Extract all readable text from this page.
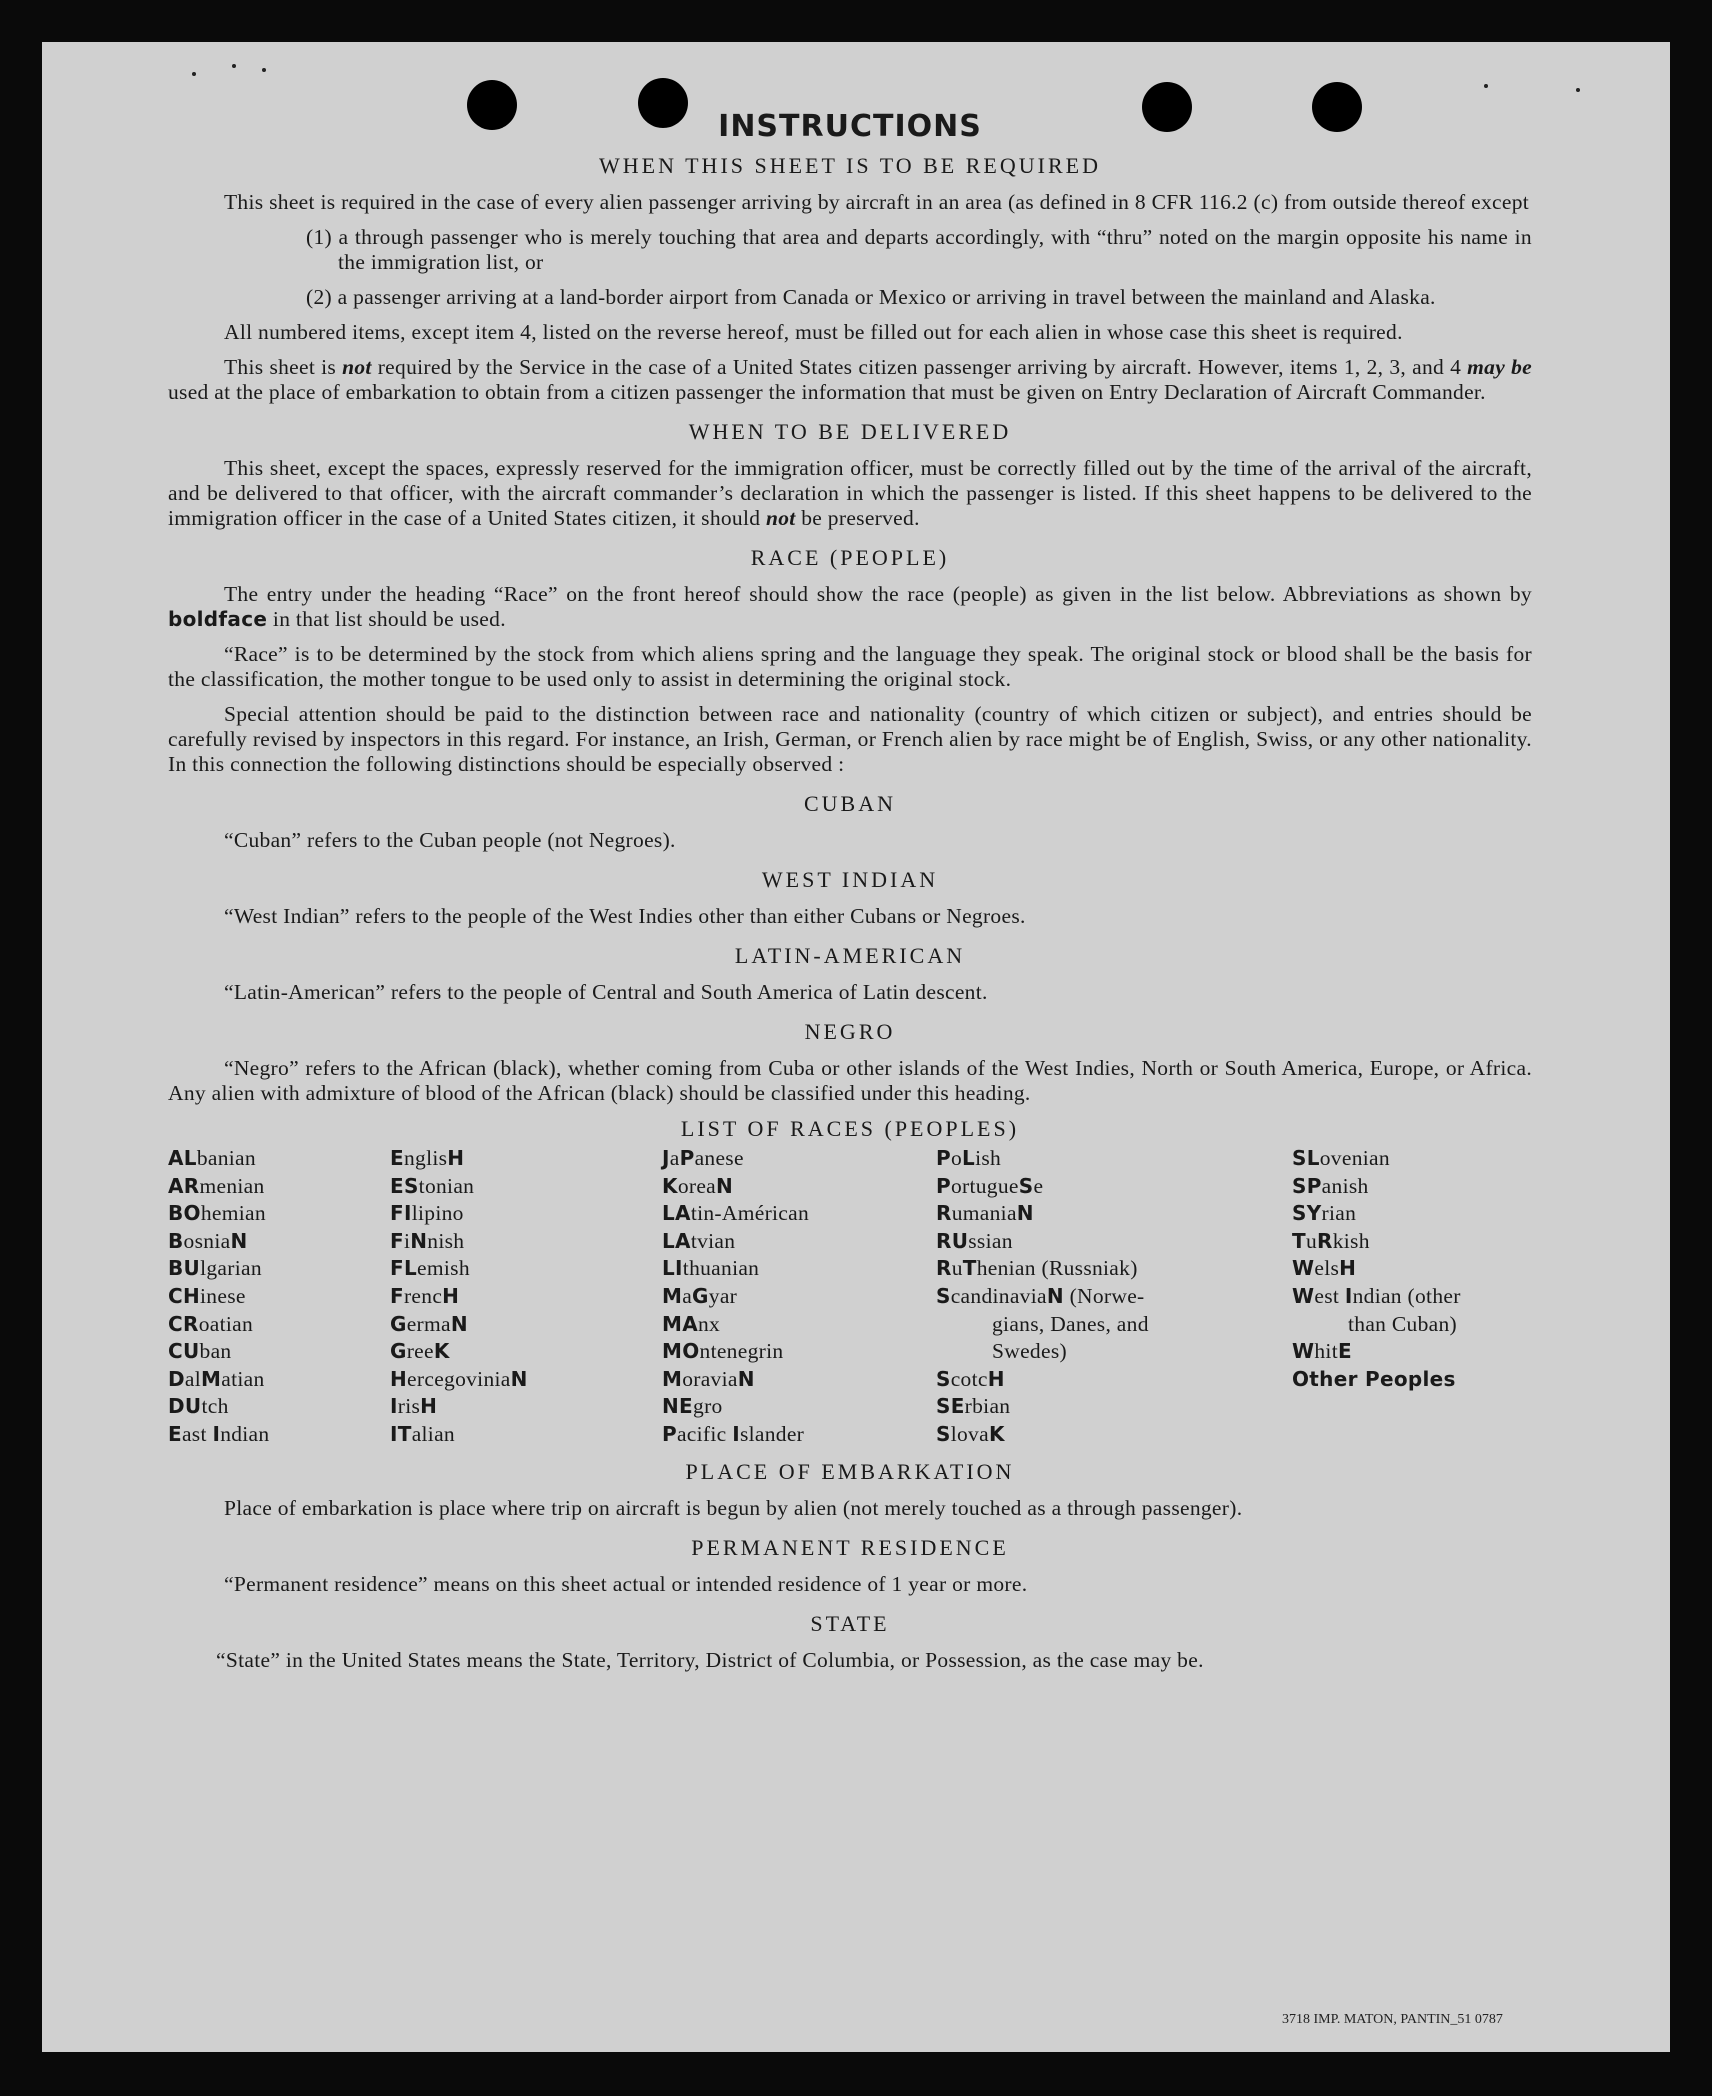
INSTRUCTIONS
WHEN THIS SHEET IS TO BE REQUIRED

This sheet is required in the case of every alien passenger arriving by aircraft in an area (as defined in 8 CFR 116.2 (c) from outside thereof except

(1) a through passenger who is merely touching that area and departs accordingly, with “thru” noted on the margin opposite his name in the immigration list, or
(2) a passenger arriving at a land-border airport from Canada or Mexico or arriving in travel between the mainland and Alaska.

All numbered items, except item 4, listed on the reverse hereof, must be filled out for each alien in whose case this sheet is required.

This sheet is not required by the Service in the case of a United States citizen passenger arriving by aircraft. However, items 1, 2, 3, and 4 may be used at the place of embarkation to obtain from a citizen passenger the information that must be given on Entry Declaration of Aircraft Commander.

WHEN TO BE DELIVERED

This sheet, except the spaces, expressly reserved for the immigration officer, must be correctly filled out by the time of the arrival of the aircraft, and be delivered to that officer, with the aircraft commander’s declaration in which the passenger is listed. If this sheet happens to be delivered to the immigration officer in the case of a United States citizen, it should not be preserved.

RACE (PEOPLE)

The entry under the heading “Race” on the front hereof should show the race (people) as given in the list below. Abbreviations as shown by boldface in that list should be used.

“Race” is to be determined by the stock from which aliens spring and the language they speak. The original stock or blood shall be the basis for the classification, the mother tongue to be used only to assist in determining the original stock.

Special attention should be paid to the distinction between race and nationality (country of which citizen or subject), and entries should be carefully revised by inspectors in this regard. For instance, an Irish, German, or French alien by race might be of English, Swiss, or any other nationality. In this connection the following distinctions should be especially observed :

CUBAN
“Cuban” refers to the Cuban people (not Negroes).
WEST INDIAN
“West Indian” refers to the people of the West Indies other than either Cubans or Negroes.
LATIN-AMERICAN
“Latin-American” refers to the people of Central and South America of Latin descent.
NEGRO

“Negro” refers to the African (black), whether coming from Cuba or other islands of the West Indies, North or South America, Europe, or Africa. Any alien with admixture of blood of the African (black) should be classified under this heading.

LIST OF RACES (PEOPLES)
ALbanian
ARmenian
BOhemian
BosniaN
BUlgarian
CHinese
CRoatian
CUban
DalMatian
DUtch
East Indian
EnglisH
EStonian
FIlipino
FiNnish
FLemish
FrencH
GermaN
GreeK
HercegoviniaN
IrisH
ITalian
JaPanese
KoreaN
LAtin-Américan
LAtvian
LIthuanian
MaGyar
MAnx
MOntenegrin
MoraviaN
NEgro
Pacific Islander
PoLish
PortugueSe
RumaniaN
RUssian
RuThenian (Russniak)
ScandinaviaN (Norwe-
gians, Danes, and
Swedes)
ScotcH
SErbian
SlovaK
SLovenian
SPanish
SYrian
TuRkish
WelsH
West Indian (other
than Cuban)
WhitE
Other Peoples
PLACE OF EMBARKATION

Place of embarkation is place where trip on aircraft is begun by alien (not merely touched as a through passenger).

PERMANENT RESIDENCE
“Permanent residence” means on this sheet actual or intended residence of 1 year or more.
STATE
“State” in the United States means the State, Territory, District of Columbia, or Possession, as the case may be.
3718 IMP. MATON, PANTIN_51 0787
